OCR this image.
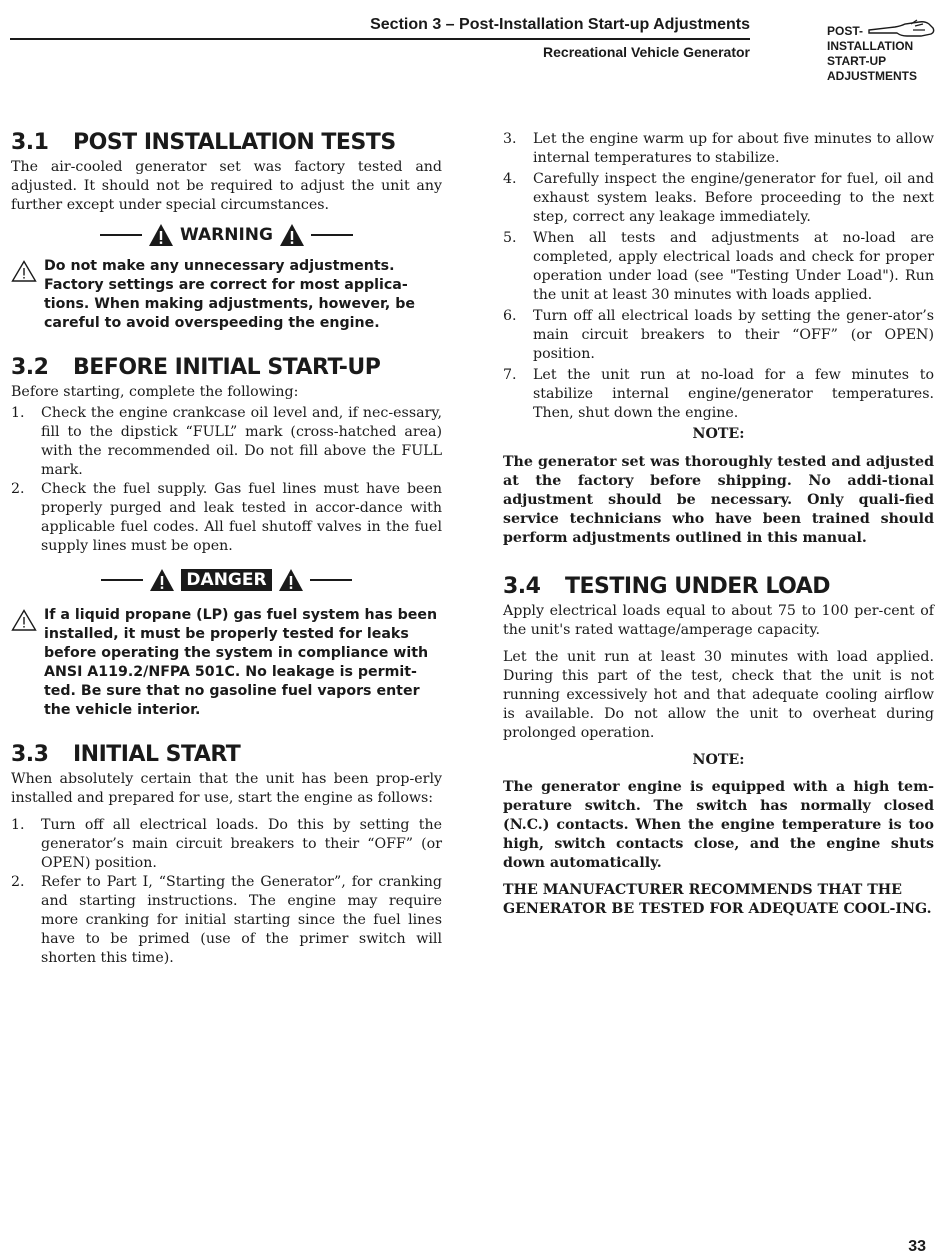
Section 3 – Post-Installation Start-up Adjustments
Recreational Vehicle Generator
POST-
INSTALLATION
START-UP
ADJUSTMENTS
3.1	POST INSTALLATION TESTS

The air-cooled generator set was factory tested and adjusted. It should not be required to adjust the unit any further except under special circumstances.

WARNING
Do not make any unnecessary adjustments. Factory settings are correct for most applica-tions. When making adjustments, however, be careful to avoid overspeeding the engine.
3.2	BEFORE INITIAL START-UP

Before starting, complete the following:

1.	Check the engine crankcase oil level and, if nec-essary, fill to the dipstick “FULL” mark (cross-hatched area) with the recommended oil. Do not fill above the FULL mark.
2.	Check the fuel supply. Gas fuel lines must have been properly purged and leak tested in accor-dance with applicable fuel codes. All fuel shutoff valves in the fuel supply lines must be open.
DANGER
If a liquid propane (LP) gas fuel system has been installed, it must be properly tested for leaks before operating the system in compliance with ANSI A119.2/NFPA 501C. No leakage is permit-ted. Be sure that no gasoline fuel vapors enter the vehicle interior.
3.3	INITIAL START

When absolutely certain that the unit has been prop-erly installed and prepared for use, start the engine as follows:

1.	Turn off all electrical loads. Do this by setting the generator’s main circuit breakers to their “OFF” (or OPEN) position.
2.	Refer to Part I, “Starting the Generator”, for cranking and starting instructions. The engine may require more cranking for initial starting since the fuel lines have to be primed (use of the primer switch will shorten this time).
3.	Let the engine warm up for about five minutes to allow internal temperatures to stabilize.
4.	Carefully inspect the engine/generator for fuel, oil and exhaust system leaks. Before proceeding to the next step, correct any leakage immediately.
5.	When all tests and adjustments at no-load are completed, apply electrical loads and check for proper operation under load (see "Testing Under Load"). Run the unit at least 30 minutes with loads applied.
6.	Turn off all electrical loads by setting the gener-ator’s main circuit breakers to their “OFF” (or OPEN) position.
7.	Let the unit run at no-load for a few minutes to stabilize internal engine/generator temperatures. Then, shut down the engine.
NOTE:

The generator set was thoroughly tested and adjusted at the factory before shipping. No addi-tional adjustment should be necessary. Only quali-fied service technicians who have been trained should perform adjustments outlined in this manual.

3.4	TESTING UNDER LOAD

Apply electrical loads equal to about 75 to 100 per-cent of the unit's rated wattage/amperage capacity.

Let the unit run at least 30 minutes with load applied. During this part of the test, check that the unit is not running excessively hot and that adequate cooling airflow is available. Do not allow the unit to overheat during prolonged operation.

NOTE:

The generator engine is equipped with a high tem-perature switch. The switch has normally closed (N.C.) contacts. When the engine temperature is too high, switch contacts close, and the engine shuts down automatically.

THE MANUFACTURER RECOMMENDS THAT THE GENERATOR BE TESTED FOR ADEQUATE COOL-ING.

33
